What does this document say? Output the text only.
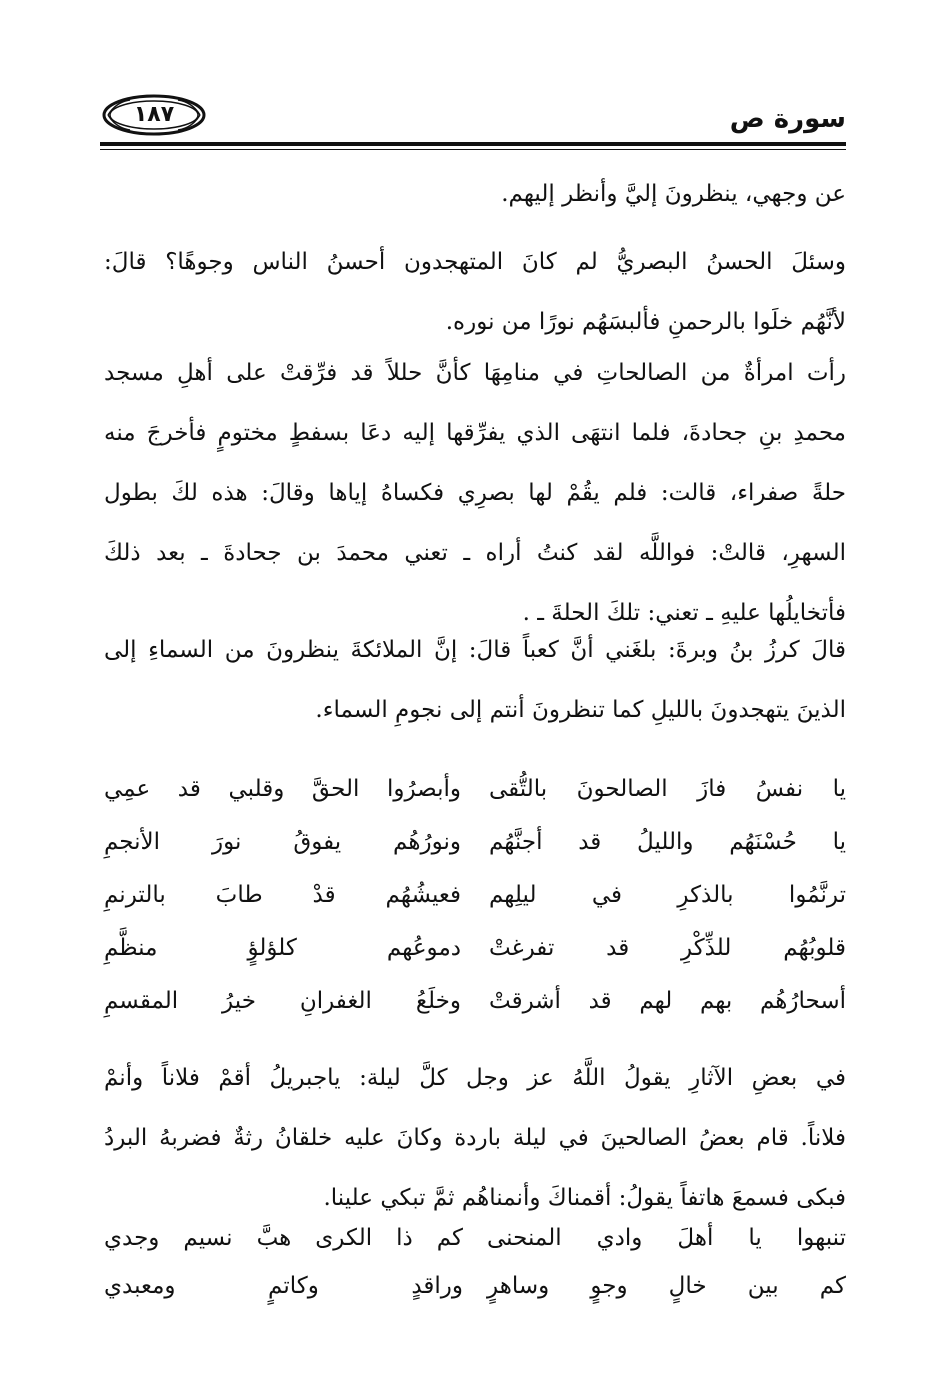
سورة ص
١٨٧
عن وجهي، ينظرونَ إليَّ وأنظر إليهم.
وسئلَ الحسنُ البصريُّ لم كانَ المتهجدون أحسنُ الناس وجوهًا؟ قالَ:
لأنَّهُم خلَوا بالرحمنِ فألبسَهُم نورًا من نوره.
رأت امرأةٌ من الصالحاتِ في منامِهَا كأنَّ حللاً قد فرِّقتْ على أهلِ مسجد
محمدِ بنِ جحادةَ، فلما انتهَى الذي يفرِّقها إليه دعَا بسفطٍ مختومٍ فأخرجَ منه
حلةً صفراء، قالت: فلم يقُمْ لها بصرِي فكساهُ إياها وقالَ: هذه لكَ بطول
السهرِ، قالتْ: فواللَّه لقد كنتُ أراه ـ تعني محمدَ بن جحادةَ ـ بعد ذلكَ
فأتخايلُها عليهِ ـ تعني: تلكَ الحلةَ ـ .
قالَ كرزُ بنُ وبرةَ: بلغَني أنَّ كعباً قالَ: إنَّ الملائكةَ ينظرونَ من السماءِ إلى
الذينَ يتهجدونَ بالليلِ كما تنظرونَ أنتم إلى نجومِ السماء.
يا نفسُ فازَ الصالحونَ بالتُّقى
وأبصرُوا الحقَّ وقلبي قد عمِي
يا حُسْنَهُم والليلُ قد أجنَّهُم
ونورُهُم يفوقُ نورَ الأنجمِ
ترنَّمُوا بالذكرِ في ليلِهم
فعيشُهُم قدْ طابَ بالترنمِ
قلوبُهُم للذِّكْرِ قد تفرغتْ
دموعُهم كلؤلؤٍ منظَّمِ
أسحارُهُم بهم لهم قد أشرقتْ
وخلَعُ الغفرانِ خيرُ المقسمِ
في بعضِ الآثارِ يقولُ اللَّهُ عز وجل كلَّ ليلة: ياجبريلُ أقمْ فلاناً وأنمْ
فلاناً. قام بعضُ الصالحينَ في ليلة باردة وكانَ عليه خلقانُ رثةٌ فضربهُ البردُ
فبكى فسمعَ هاتفاً يقولُ: أقمناكَ وأنمناهُم ثمَّ تبكي علينا.
تنبهوا يا أهلَ وادي المنحنى
كم ذا الكرى هبَّ نسيم وجدي
كم بين خالٍ وجوٍ وساهرٍ
وراقدٍ وكاتمٍ ومعبدي
